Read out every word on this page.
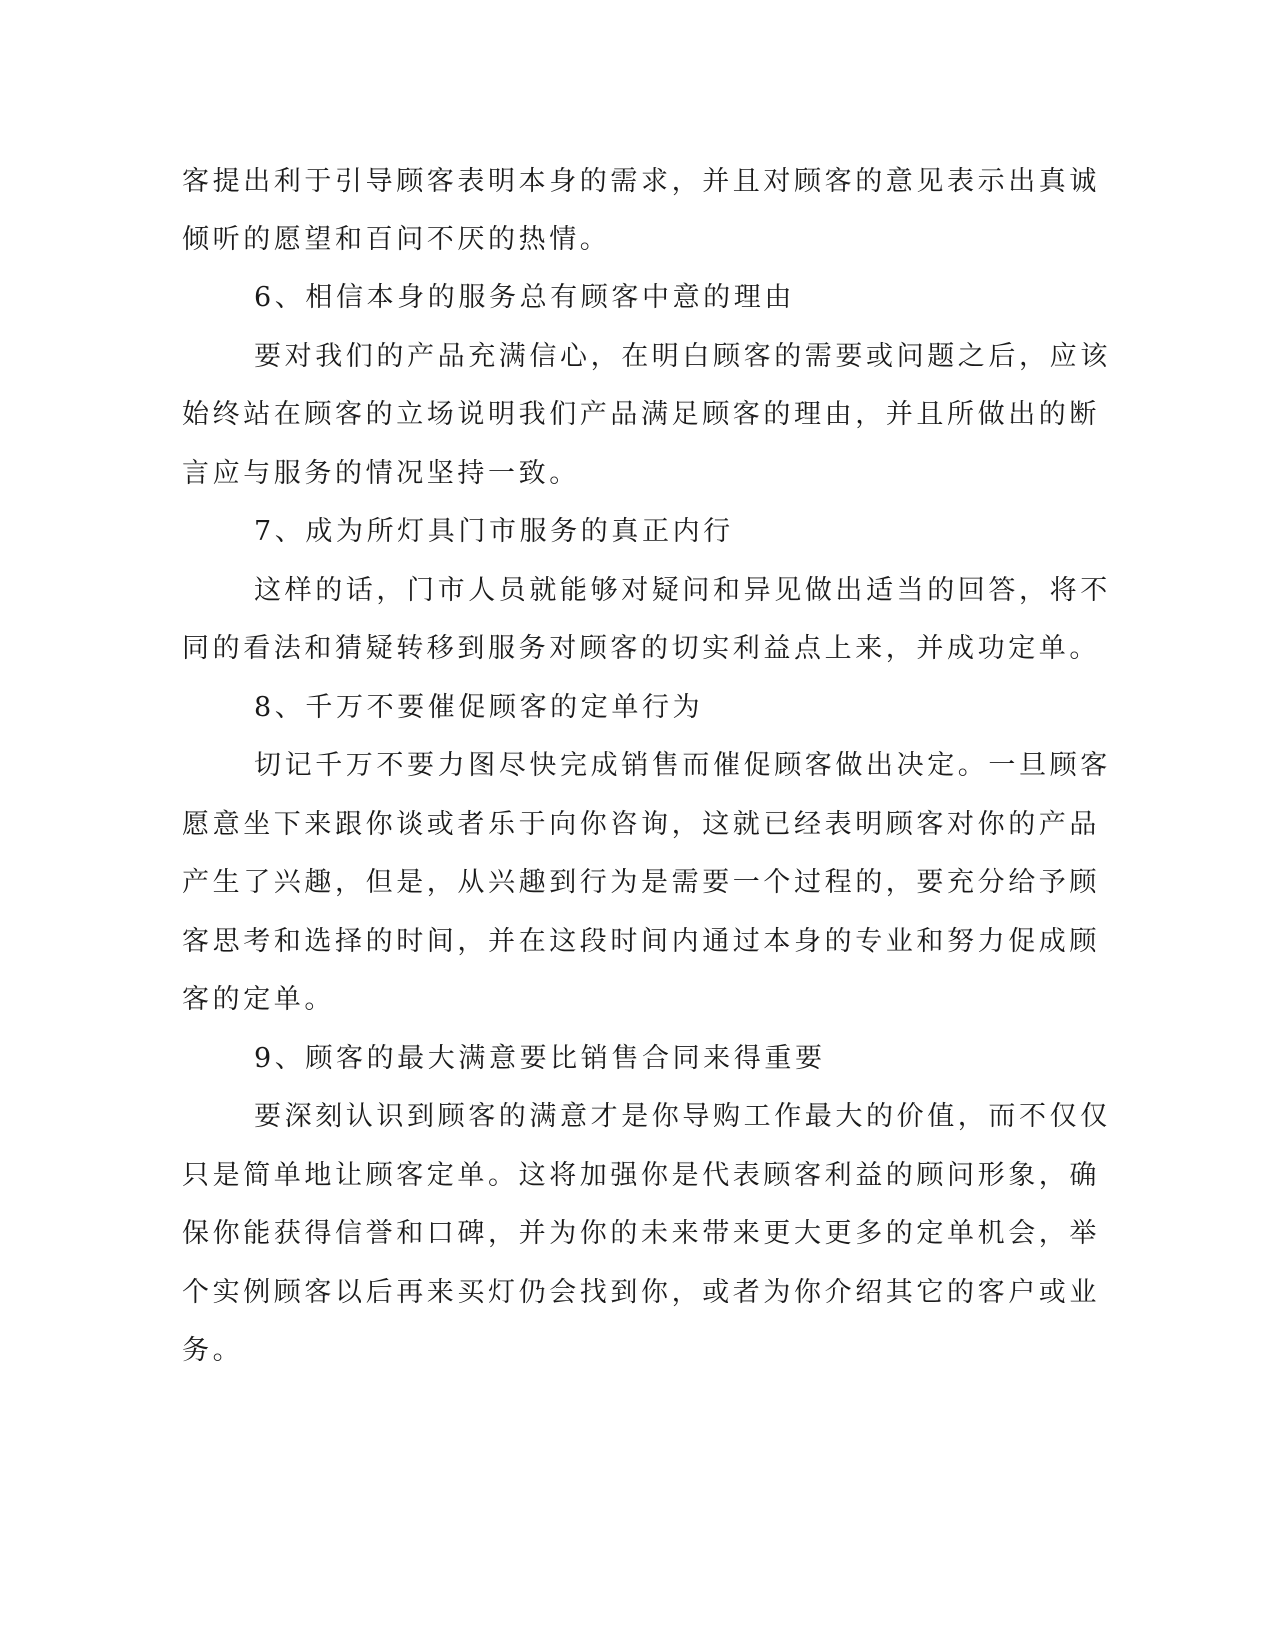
客提出利于引导顾客表明本身的需求，并且对顾客的意见表示出真诚
倾听的愿望和百问不厌的热情。
6、相信本身的服务总有顾客中意的理由
要对我们的产品充满信心，在明白顾客的需要或问题之后，应该
始终站在顾客的立场说明我们产品满足顾客的理由，并且所做出的断
言应与服务的情况坚持一致。
7、成为所灯具门市服务的真正内行
这样的话，门市人员就能够对疑问和异见做出适当的回答，将不
同的看法和猜疑转移到服务对顾客的切实利益点上来，并成功定单。
8、千万不要催促顾客的定单行为
切记千万不要力图尽快完成销售而催促顾客做出决定。一旦顾客
愿意坐下来跟你谈或者乐于向你咨询，这就已经表明顾客对你的产品
产生了兴趣，但是，从兴趣到行为是需要一个过程的，要充分给予顾
客思考和选择的时间，并在这段时间内通过本身的专业和努力促成顾
客的定单。
9、顾客的最大满意要比销售合同来得重要
要深刻认识到顾客的满意才是你导购工作最大的价值，而不仅仅
只是简单地让顾客定单。这将加强你是代表顾客利益的顾问形象，确
保你能获得信誉和口碑，并为你的未来带来更大更多的定单机会，举
个实例顾客以后再来买灯仍会找到你，或者为你介绍其它的客户或业
务。
